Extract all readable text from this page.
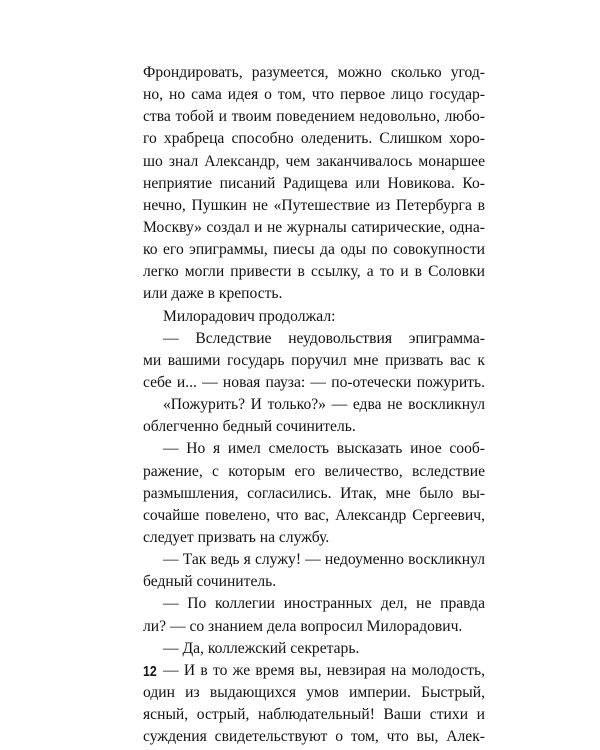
Фрондировать, разумеется, можно сколько угод-
но, но сама идея о том, что первое лицо государ-
ства тобой и твоим поведением недовольно, любо-
го храбреца способно оледенить. Слишком хоро-
шо знал Александр, чем заканчивалось монаршее
неприятие писаний Радищева или Новикова. Ко-
нечно, Пушкин не «Путешествие из Петербурга в
Москву» создал и не журналы сатирические, одна-
ко его эпиграммы, пиесы да оды по совокупности
легко могли привести в ссылку, а то и в Соловки
или даже в крепость.
Милорадович продолжал:
— Вследствие неудовольствия эпиграмма-
ми вашими государь поручил мне призвать вас к
себе и... — новая пауза: — по-отечески пожурить.
«Пожурить? И только?» — едва не воскликнул
облегченно бедный сочинитель.
— Но я имел смелость высказать иное сооб-
ражение, с которым его величество, вследствие
размышления, согласились. Итак, мне было вы-
сочайше повелено, что вас, Александр Сергеевич,
следует призвать на службу.
— Так ведь я служу! — недоуменно воскликнул
бедный сочинитель.
— По коллегии иностранных дел, не правда
ли? — со знанием дела вопросил Милорадович.
— Да, коллежский секретарь.
— И в то же время вы, невзирая на молодость,
один из выдающихся умов империи. Быстрый,
ясный, острый, наблюдательный! Ваши стихи и
суждения свидетельствуют о том, что вы, Алек-
12
